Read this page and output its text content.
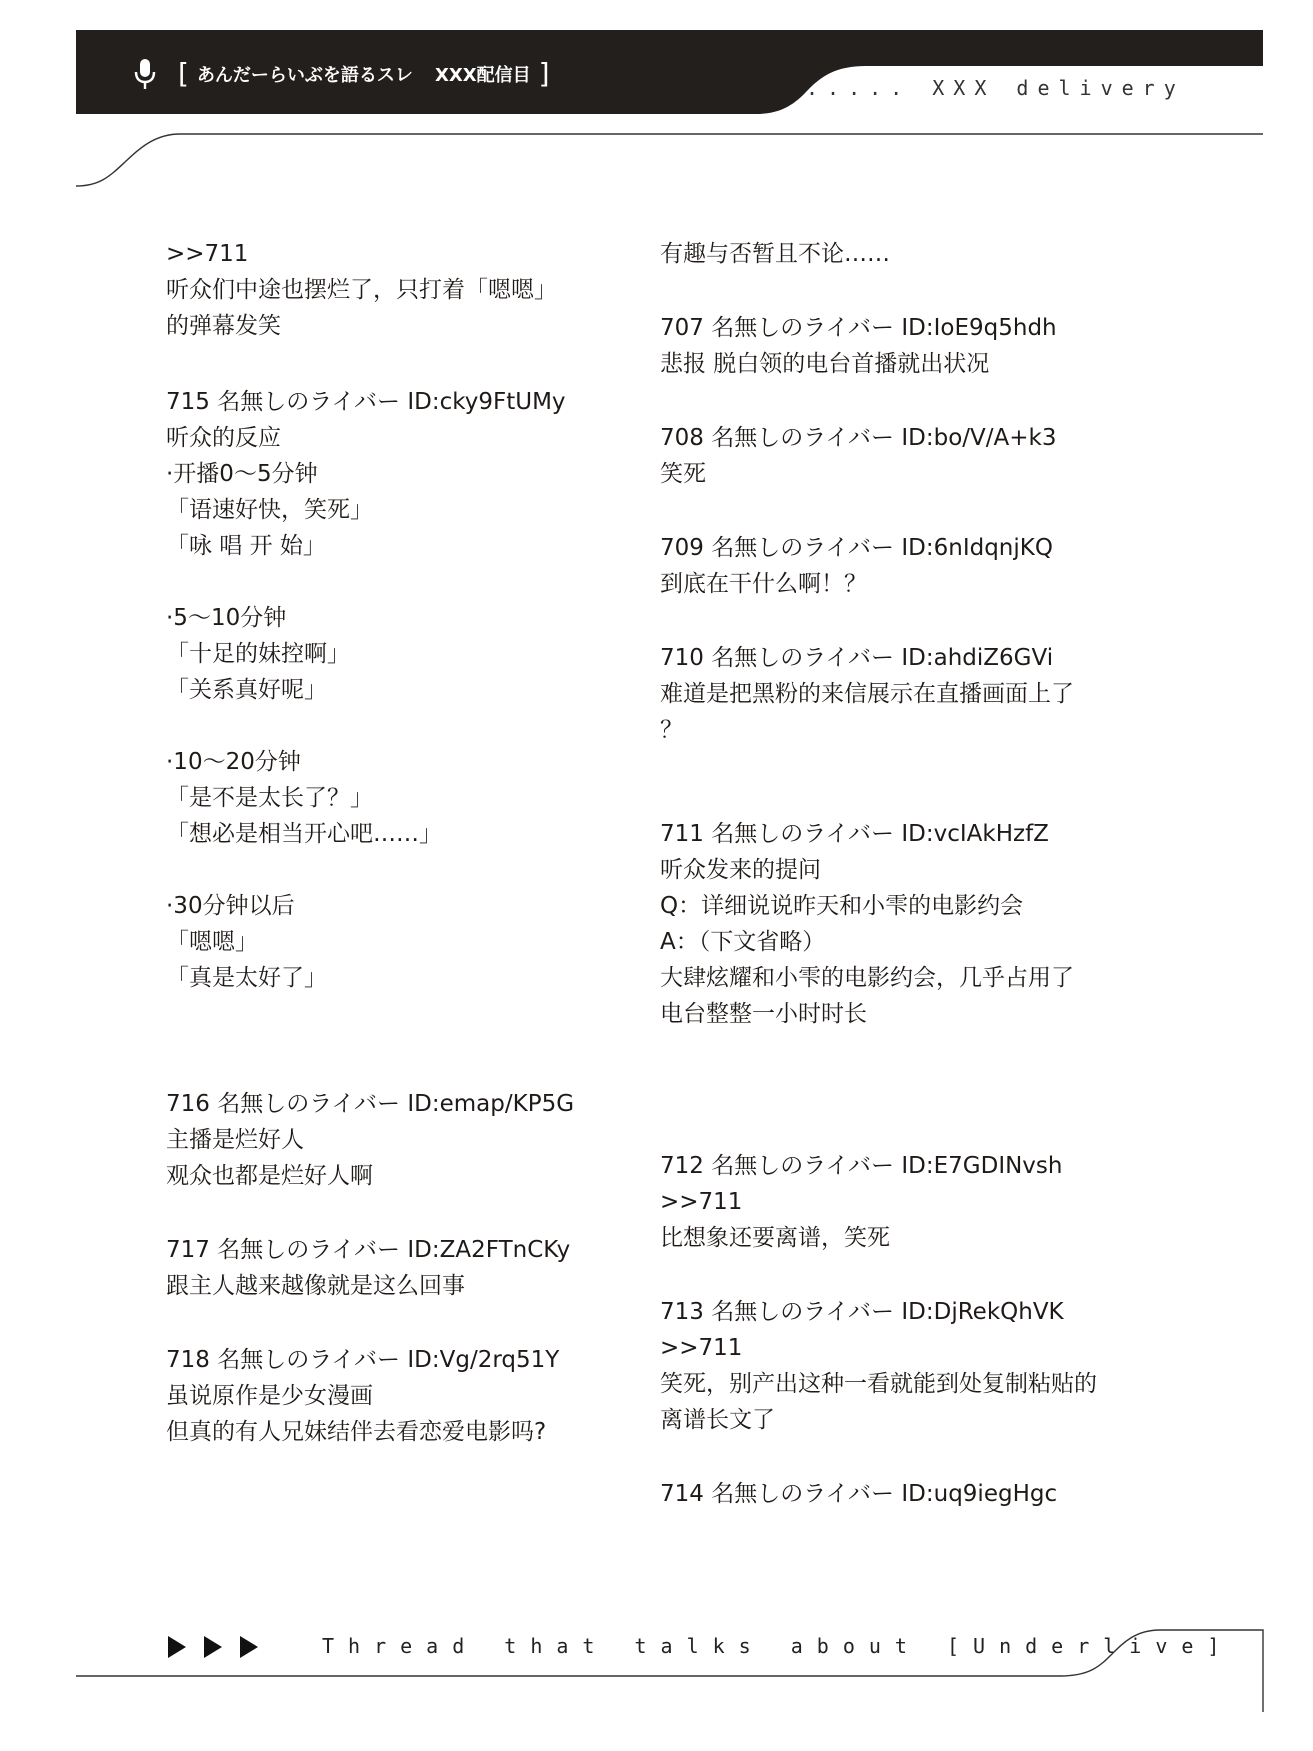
[ あんだーらいぶを語るスレ XXX配信目 ]	..... XXX delivery
>>711
听众们中途也摆烂了，只打着「嗯嗯」
的弹幕发笑
715 名無しのライバー ID:cky9FtUMy
听众的反应
·开播0～5分钟
「语速好快，笑死」
「咏 唱 开 始」
·5～10分钟
「十足的妹控啊」
「关系真好呢」
·10～20分钟
「是不是太长了？」
「想必是相当开心吧……」
·30分钟以后
「嗯嗯」
「真是太好了」
716 名無しのライバー ID:emap/KP5G
主播是烂好人
观众也都是烂好人啊
717 名無しのライバー ID:ZA2FTnCKy
跟主人越来越像就是这么回事
718 名無しのライバー ID:Vg/2rq51Y
虽说原作是少女漫画
但真的有人兄妹结伴去看恋爱电影吗?
有趣与否暂且不论……
707 名無しのライバー ID:IoE9q5hdh
悲报 脱白领的电台首播就出状况
708 名無しのライバー ID:bo/V/A+k3
笑死
709 名無しのライバー ID:6nIdqnjKQ
到底在干什么啊！？
710 名無しのライバー ID:ahdiZ6GVi
难道是把黑粉的来信展示在直播画面上了
？
711 名無しのライバー ID:vcIAkHzfZ
听众发来的提问
Q：详细说说昨天和小雫的电影约会
A：（下文省略）
大肆炫耀和小雫的电影约会，几乎占用了
电台整整一小时时长
712 名無しのライバー ID:E7GDINvsh
>>711
比想象还要离谱，笑死
713 名無しのライバー ID:DjRekQhVK
>>711
笑死，别产出这种一看就能到处复制粘贴的
离谱长文了
714 名無しのライバー ID:uq9iegHgc
Thread that talks about [Underlive]
